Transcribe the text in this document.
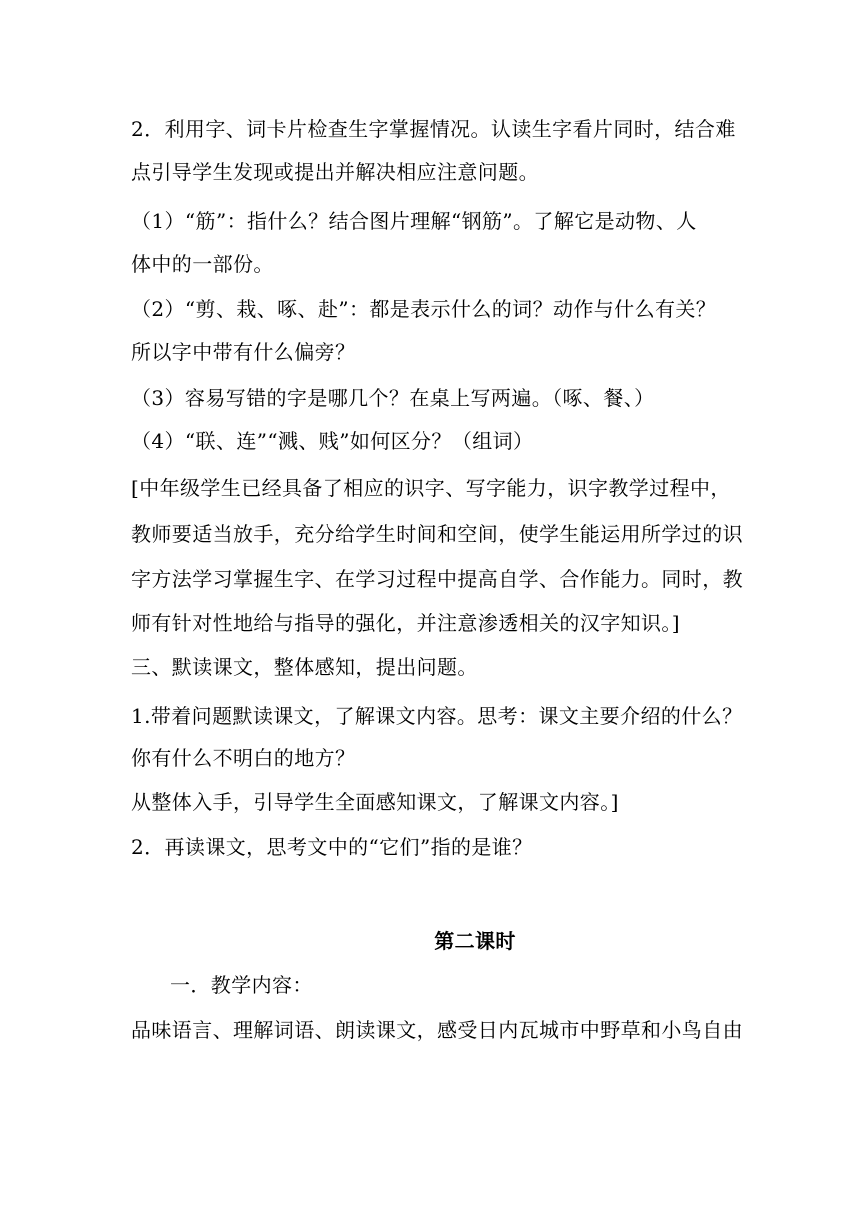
2．利用字、词卡片检查生字掌握情况。认读生字看片同时，结合难
点引导学生发现或提出并解决相应注意问题。
（1）“筋”：指什么？结合图片理解“钢筋”。了解它是动物、人
体中的一部份。
（2）“剪、栽、啄、赴”：都是表示什么的词？动作与什么有关？
所以字中带有什么偏旁？
（3）容易写错的字是哪几个？在桌上写两遍。（啄、餐、）
（4）“联、连”“溅、贱”如何区分？（组词）
[中年级学生已经具备了相应的识字、写字能力，识字教学过程中，
教师要适当放手，充分给学生时间和空间，使学生能运用所学过的识
字方法学习掌握生字、在学习过程中提高自学、合作能力。同时，教
师有针对性地给与指导的强化，并注意渗透相关的汉字知识。]
三、默读课文，整体感知，提出问题。
1.带着问题默读课文，了解课文内容。思考：课文主要介绍的什么？
你有什么不明白的地方？
从整体入手，引导学生全面感知课文，了解课文内容。]
2．再读课文，思考文中的“它们”指的是谁？
第二课时
一．教学内容：
品味语言、理解词语、朗读课文，感受日内瓦城市中野草和小鸟自由
